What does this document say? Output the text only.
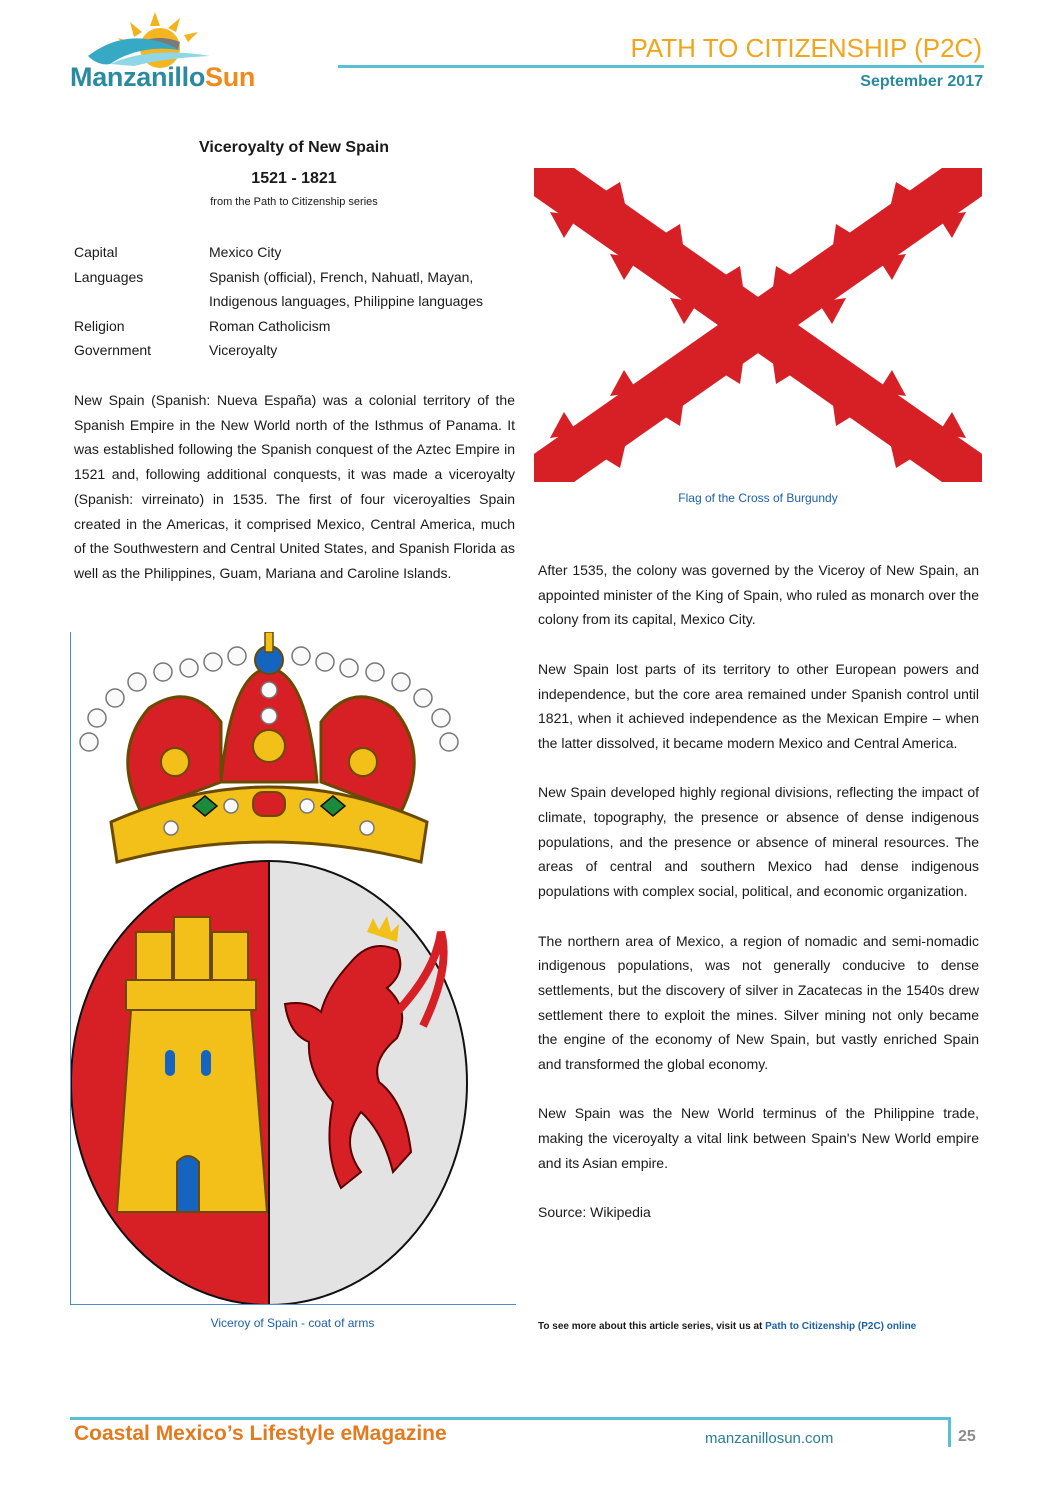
ManzanilloSun
PATH TO CITIZENSHIP (P2C)
September 2017
Viceroyalty of New Spain
1521 - 1821
from the Path to Citizenship series
Capital	Mexico City
Languages	Spanish (official), French, Nahuatl, Mayan, Indigenous languages, Philippine languages
Religion	Roman Catholicism
Government	Viceroyalty
New Spain (Spanish: Nueva España) was a colonial territory of the Spanish Empire in the New World north of the Isthmus of Panama. It was established following the Spanish conquest of the Aztec Empire in 1521 and, following additional conquests, it was made a viceroyalty (Spanish: virreinato) in 1535. The first of four viceroyalties Spain created in the Americas, it comprised Mexico, Central America, much of the Southwestern and Central United States, and Spanish Florida as well as the Philippines, Guam, Mariana and Caroline Islands.
Viceroy of Spain - coat of arms
Flag of the Cross of Burgundy

After 1535, the colony was governed by the Viceroy of New Spain, an appointed minister of the King of Spain, who ruled as monarch over the colony from its capital, Mexico City.

New Spain lost parts of its territory to other European powers and independence, but the core area remained under Spanish control until 1821, when it achieved independence as the Mexican Empire – when the latter dissolved, it became modern Mexico and Central America.

New Spain developed highly regional divisions, reflecting the impact of climate, topography, the presence or absence of dense indigenous populations, and the presence or absence of mineral resources. The areas of central and southern Mexico had dense indigenous populations with complex social, political, and economic organization.

The northern area of Mexico, a region of nomadic and semi-nomadic indigenous populations, was not generally conducive to dense settlements, but the discovery of silver in Zacatecas in the 1540s drew settlement there to exploit the mines. Silver mining not only became the engine of the economy of New Spain, but vastly enriched Spain and transformed the global economy.

New Spain was the New World terminus of the Philippine trade, making the viceroyalty a vital link between Spain's New World empire and its Asian empire.

Source: Wikipedia

To see more about this article series, visit us at Path to Citizenship (P2C) online
Coastal Mexico’s Lifestyle eMagazine	manzanillosun.com	25
